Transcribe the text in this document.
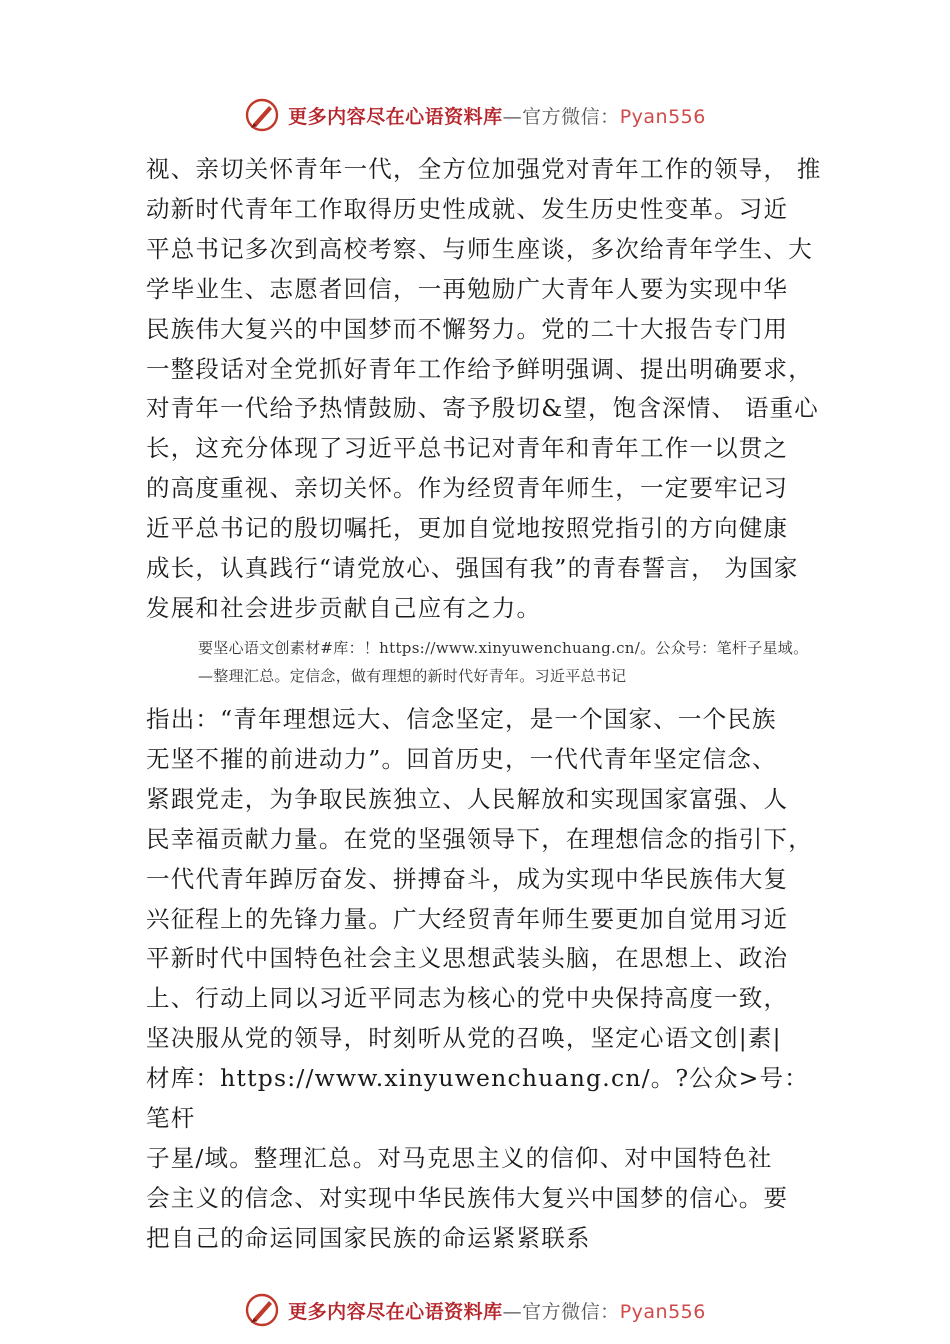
更多内容尽在心语资料库—官方微信：Pyan556

视、亲切关怀青年一代，全方位加强党对青年工作的领导， 推
动新时代青年工作取得历史性成就、发生历史性变革。习近
平总书记多次到高校考察、与师生座谈，多次给青年学生、大
学毕业生、志愿者回信，一再勉励广大青年人要为实现中华
民族伟大复兴的中国梦而不懈努力。党的二十大报告专门用
一整段话对全党抓好青年工作给予鲜明强调、提出明确要求，
对青年一代给予热情鼓励、寄予殷切&望，饱含深情、 语重心
长，这充分体现了习近平总书记对青年和青年工作一以贯之
的高度重视、亲切关怀。作为经贸青年师生，一定要牢记习
近平总书记的殷切嘱托，更加自觉地按照党指引的方向健康
成长，认真践行“请党放心、强国有我”的青春誓言， 为国家
发展和社会进步贡献自己应有之力。

要坚心语文创素材#库：！https://www.xinyuwenchuang.cn/。公众号：笔杆子星域。
—整理汇总。定信念，做有理想的新时代好青年。习近平总书记

指出：“青年理想远大、信念坚定，是一个国家、一个民族
无坚不摧的前进动力”。回首历史，一代代青年坚定信念、
紧跟党走，为争取民族独立、人民解放和实现国家富强、人
民幸福贡献力量。在党的坚强领导下，在理想信念的指引下，
一代代青年踔厉奋发、拼搏奋斗，成为实现中华民族伟大复
兴征程上的先锋力量。广大经贸青年师生要更加自觉用习近
平新时代中国特色社会主义思想武装头脑，在思想上、政治
上、行动上同以习近平同志为核心的党中央保持高度一致，
坚决服从党的领导，时刻听从党的召唤，坚定心语文创|素|
材库：https://www.xinyuwenchuang.cn/。?公众>号：笔杆
子星/域。整理汇总。对马克思主义的信仰、对中国特色社
会主义的信念、对实现中华民族伟大复兴中国梦的信心。要
把自己的命运同国家民族的命运紧紧联系

更多内容尽在心语资料库—官方微信：Pyan556
